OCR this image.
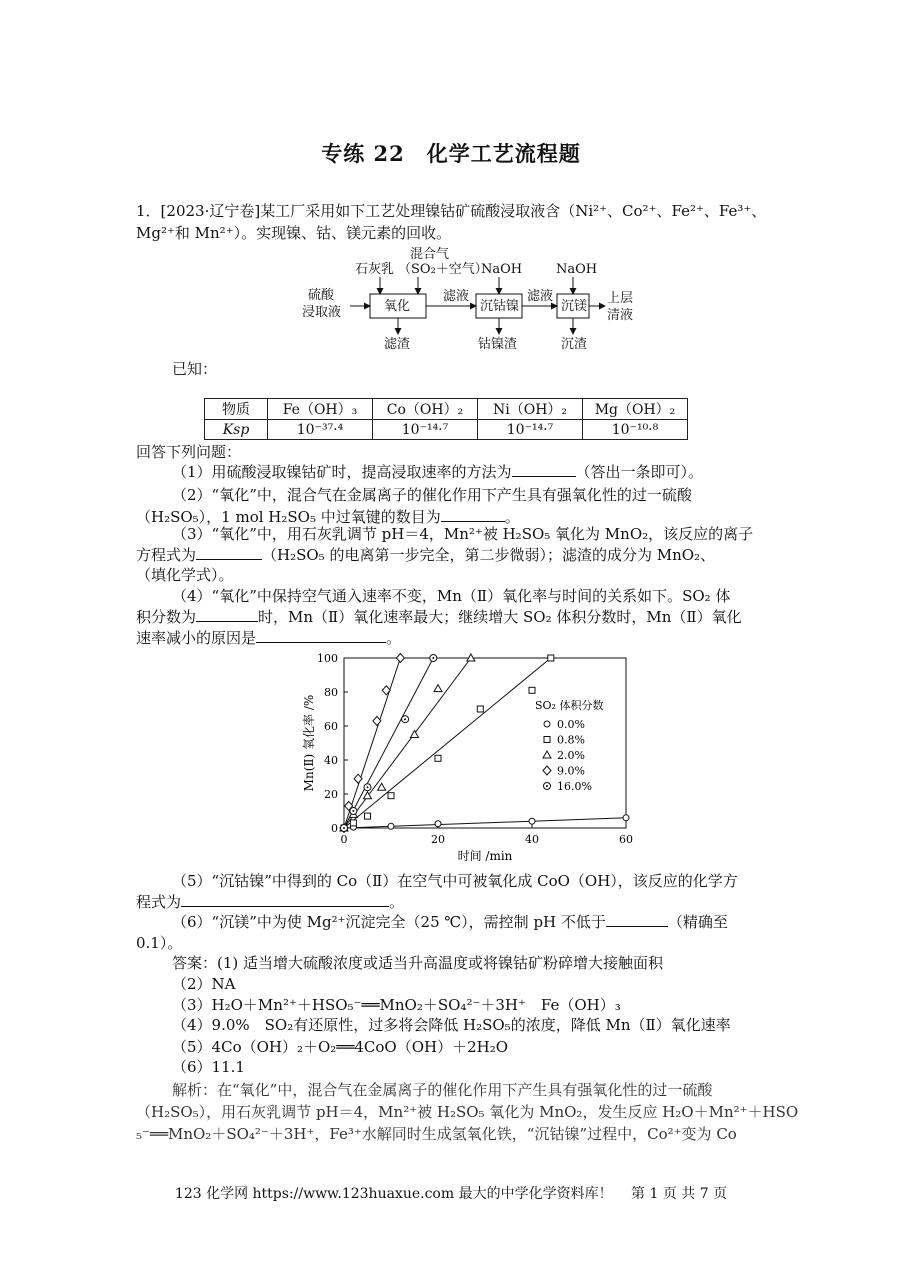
专练 22　化学工艺流程题
1．[2023·辽宁卷]某工厂采用如下工艺处理镍钴矿硫酸浸取液含（Ni²⁺、Co²⁺、Fe²⁺、Fe³⁺、
Mg²⁺和 Mn²⁺）。实现镍、钴、镁元素的回收。
硫酸
浸取液
混合气
（SO₂＋空气）
石灰乳	NaOH	NaOH
氧化	沉钴镍	沉镁
滤液	滤液	上层
清液
滤渣	钴镍渣	沉渣
已知：
物质	Fe（OH）₃	Co（OH）₂	Ni（OH）₂	Mg（OH）₂
Ksp	10⁻³⁷·⁴	10⁻¹⁴·⁷	10⁻¹⁴·⁷	10⁻¹⁰·⁸
回答下列问题：
（1）用硫酸浸取镍钴矿时，提高浸取速率的方法为	（答出一条即可）。
（2）“氧化”中，混合气在金属离子的催化作用下产生具有强氧化性的过一硫酸
（H₂SO₅），1 mol H₂SO₅ 中过氧键的数目为	。
（3）“氧化”中，用石灰乳调节 pH＝4，Mn²⁺被 H₂SO₅ 氧化为 MnO₂，该反应的离子
方程式为	（H₂SO₅ 的电离第一步完全，第二步微弱）；滤渣的成分为 MnO₂、
（填化学式）。
（4）“氧化”中保持空气通入速率不变，Mn（Ⅱ）氧化率与时间的关系如下。SO₂ 体
积分数为	时，Mn（Ⅱ）氧化速率最大；继续增大 SO₂ 体积分数时，Mn（Ⅱ）氧化
速率减小的原因是	。
0	20	40	60
0
20
40
60
80
100
Mn(Ⅱ) 氧化率 /%
时间 /min
SO₂ 体积分数
0.0%
0.8%
2.0%
9.0%
16.0%
（5）“沉钴镍”中得到的 Co（Ⅱ）在空气中可被氧化成 CoO（OH），该反应的化学方
程式为	。
（6）“沉镁”中为使 Mg²⁺沉淀完全（25 ℃），需控制 pH 不低于	（精确至
0.1）。
答案：(1) 适当增大硫酸浓度或适当升高温度或将镍钴矿粉碎增大接触面积
（2）NA
（3）H₂O＋Mn²⁺＋HSO₅⁻══MnO₂＋SO₄²⁻＋3H⁺　Fe（OH）₃
（4）9.0%　SO₂有还原性，过多将会降低 H₂SO₅的浓度，降低 Mn（Ⅱ）氧化速率
（5）4Co（OH）₂＋O₂══4CoO（OH）＋2H₂O
（6）11.1
解析：在“氧化”中，混合气在金属离子的催化作用下产生具有强氧化性的过一硫酸
（H₂SO₅），用石灰乳调节 pH＝4，Mn²⁺被 H₂SO₅ 氧化为 MnO₂，发生反应 H₂O＋Mn²⁺＋HSO
₅⁻══MnO₂＋SO₄²⁻＋3H⁺，Fe³⁺水解同时生成氢氧化铁，“沉钴镍”过程中，Co²⁺变为 Co
123 化学网 https://www.123huaxue.com 最大的中学化学资料库！　 第 1 页 共 7 页
